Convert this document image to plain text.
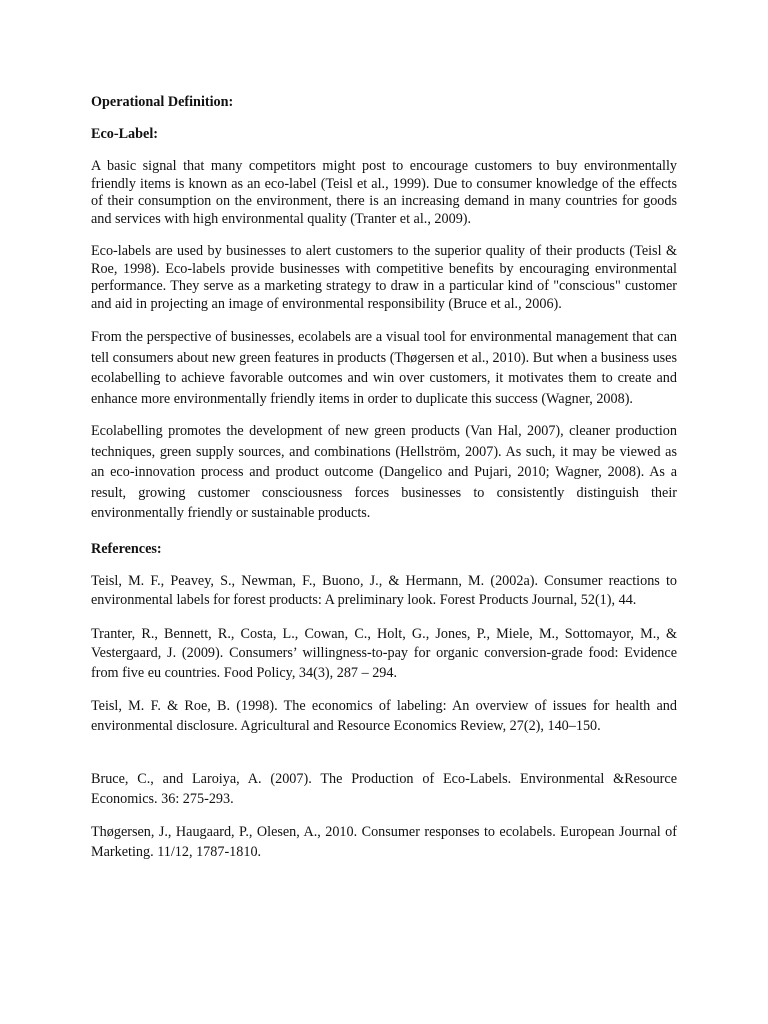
Operational Definition:

Eco-Label:

A basic signal that many competitors might post to encourage customers to buy environmentally friendly items is known as an eco-label (Teisl et al., 1999). Due to consumer knowledge of the effects of their consumption on the environment, there is an increasing demand in many countries for goods and services with high environmental quality (Tranter et al., 2009).

Eco-labels are used by businesses to alert customers to the superior quality of their products (Teisl & Roe, 1998). Eco-labels provide businesses with competitive benefits by encouraging environmental performance. They serve as a marketing strategy to draw in a particular kind of "conscious" customer and aid in projecting an image of environmental responsibility (Bruce et al., 2006).

From the perspective of businesses, ecolabels are a visual tool for environmental management that can tell consumers about new green features in products (Thøgersen et al., 2010). But when a business uses ecolabelling to achieve favorable outcomes and win over customers, it motivates them to create and enhance more environmentally friendly items in order to duplicate this success (Wagner, 2008).

Ecolabelling promotes the development of new green products (Van Hal, 2007), cleaner production techniques, green supply sources, and combinations (Hellström, 2007). As such, it may be viewed as an eco-innovation process and product outcome (Dangelico and Pujari, 2010; Wagner, 2008). As a result, growing customer consciousness forces businesses to consistently distinguish their environmentally friendly or sustainable products.

References:

Teisl, M. F., Peavey, S., Newman, F., Buono, J., & Hermann, M. (2002a). Consumer reactions to environmental labels for forest products: A preliminary look. Forest Products Journal, 52(1), 44.

Tranter, R., Bennett, R., Costa, L., Cowan, C., Holt, G., Jones, P., Miele, M., Sottomayor, M., & Vestergaard, J. (2009). Consumers’ willingness-to-pay for organic conversion-grade food: Evidence from five eu countries. Food Policy, 34(3), 287 – 294.

Teisl, M. F. & Roe, B. (1998). The economics of labeling: An overview of issues for health and environmental disclosure. Agricultural and Resource Economics Review, 27(2), 140–150.

Bruce, C., and Laroiya, A. (2007). The Production of Eco-Labels. Environmental &Resource Economics. 36: 275-293.

Thøgersen, J., Haugaard, P., Olesen, A., 2010. Consumer responses to ecolabels. European Journal of Marketing. 11/12, 1787-1810.
